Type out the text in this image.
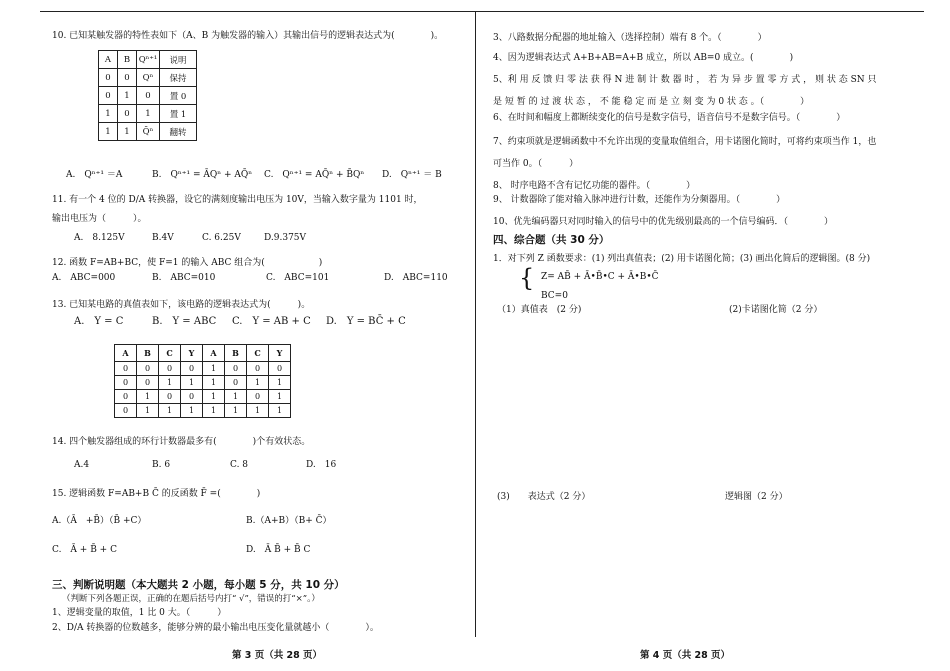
10. 已知某触发器的特性表如下（A、B 为触发器的输入）其输出信号的逻辑表达式为(　　　　)。
A	B	Qⁿ⁺¹	说明
0	0	Qⁿ	保持
0	1	0	置 0
1	0	1	置 1
1	1	Q̄ⁿ	翻转
A.　Qⁿ⁺¹ ＝A	B.　Qⁿ⁺¹ = ĀQⁿ + AQ̄ⁿ C.　Qⁿ⁺¹ = AQ̄ⁿ + B̄Qⁿ D.　Qⁿ⁺¹ ＝ B
11. 有一个 4 位的 D/A 转换器，设它的满刻度输出电压为 10V，当输入数字量为 1101 时，
输出电压为（　　　）。
A.　8.125V	B.4V	C. 6.25V	D.9.375V
12. 函数 F=AB+BC，使 F=1 的输入 ABC 组合为(　　　　　　)
A.　ABC=000	B.　ABC=010	C.　ABC=101	D.　ABC=110
13. 已知某电路的真值表如下，该电路的逻辑表达式为(　　　)。
A.　Y = C	B.　Y = ABC C.　Y = AB + C D.　Y = BC̄ + C
A	B	C	Y	A	B	C	Y
0	0	0	0	1	0	0	0
0	0	1	1	1	0	1	1
0	1	0	0	1	1	0	1
0	1	1	1	1	1	1	1
14. 四个触发器组成的环行计数器最多有(　　　　)个有效状态。
A.4	B. 6	C. 8	D.　16
15. 逻辑函数 F=AB+B C̄ 的反函数 F̄ =(　　　　)
A.（Ā　+B̄）（B̄ +C）	B.（A+B）（B+ C̄）
C.　Ā + B̄ + C	D.　Ā B̄ + B̄ C
三、判断说明题（本大题共 2 小题，每小题 5 分，共 10 分）
（判断下列各题正误，正确的在题后括号内打“ √”，错误的打“×”。）
1、逻辑变量的取值，1 比 0 大。（　　　）
2、D/A 转换器的位数越多，能够分辨的最小输出电压变化量就越小（　　　　）。
第 3 页（共 28 页）
3、八路数据分配器的地址输入（选择控制）端有 8 个。（　　　　）
4、因为逻辑表达式 A+B+AB=A+B 成立，所以 AB=0 成立。(　　　　)
5、利 用 反 馈 归 零 法 获 得 N 进 制 计 数 器 时 ， 若 为 异 步 置 零 方 式 ， 则 状 态 SN 只
是 短 暂 的 过 渡 状 态 ， 不 能 稳 定 而 是 立 刻 变 为 0 状 态 。（　　　　）
6、在时间和幅度上都断续变化的信号是数字信号，语音信号不是数字信号。（　　　　）
7、约束项就是逻辑函数中不允许出现的变量取值组合，用卡诺图化简时，可将约束项当作 1，也
可当作 0。（　　　）
8、 时序电路不含有记忆功能的器件。（　　　　）
9、 计数器除了能对输入脉冲进行计数，还能作为分频器用。（　　　　）
10、优先编码器只对同时输入的信号中的优先级别最高的一个信号编码．（　　　　）
四、综合题（共 30 分）
1．对下列 Z 函数要求：(1) 列出真值表；(2) 用卡诺图化简；(3) 画出化简后的逻辑图。(8 分)
{ Z= AB̄ + Ā•B̄•C + Ā•B•C̄
BC=0
（1）真值表　(2 分)	(2)卡诺图化简（2 分）
(3)　　表达式（2 分）	逻辑图（2 分）
第 4 页（共 28 页）
